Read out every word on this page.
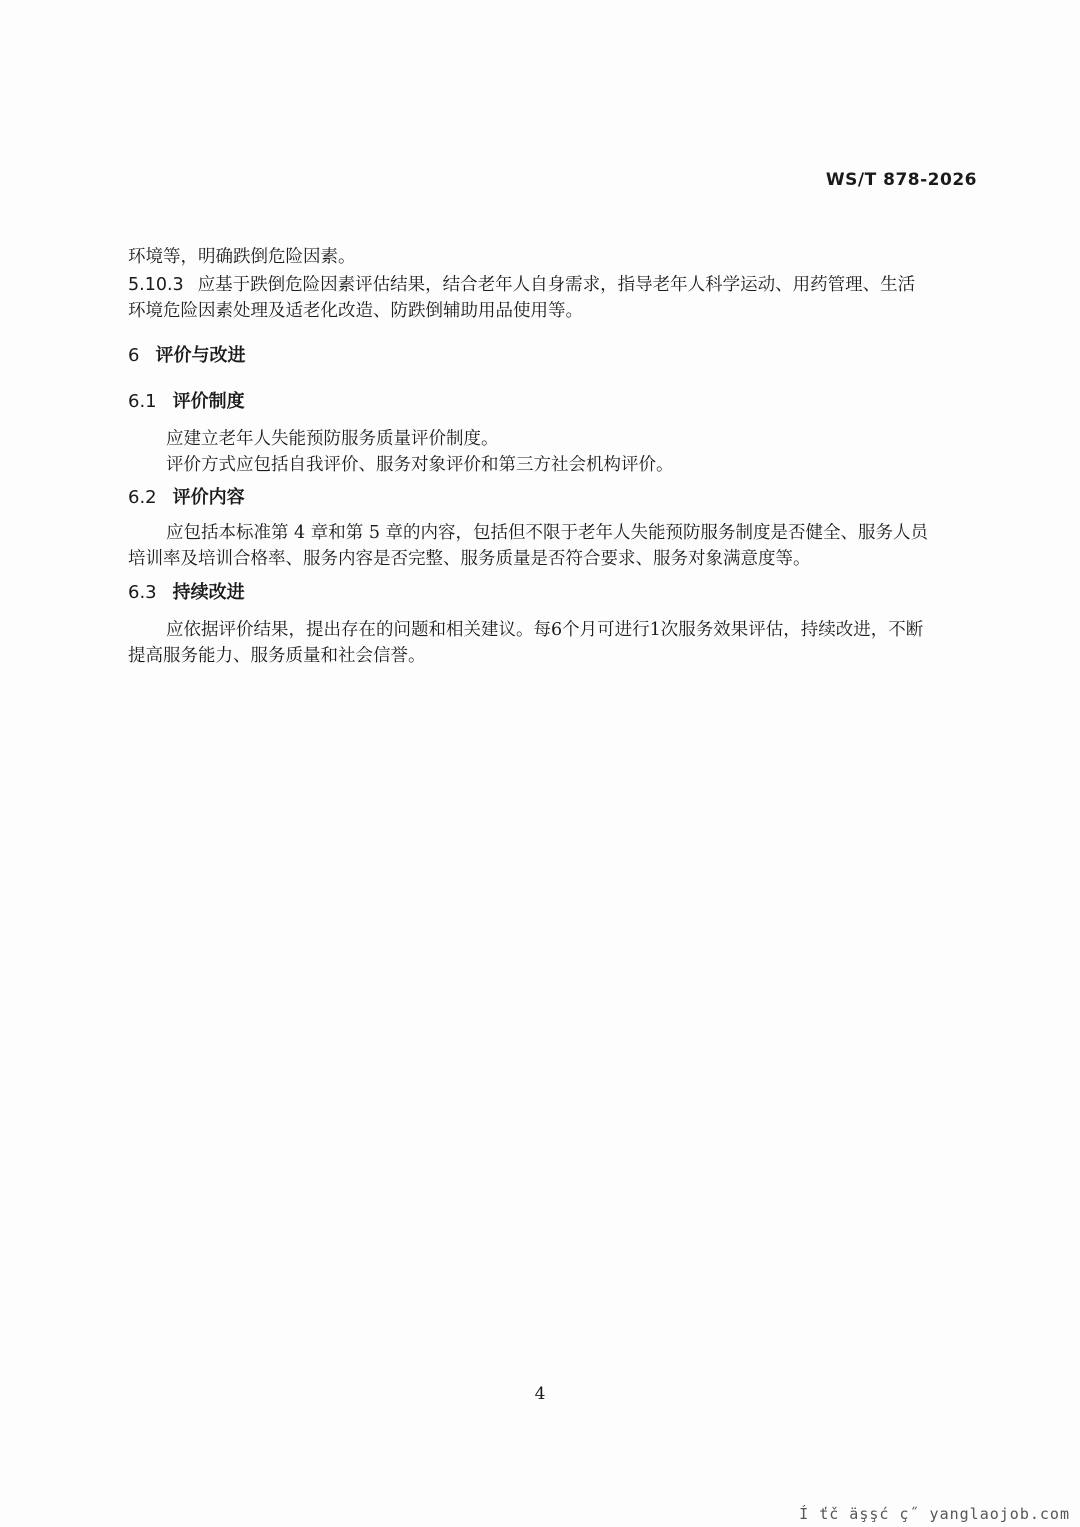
WS/T 878-2026
环境等，明确跌倒危险因素。
5.10.3 应基于跌倒危险因素评估结果，结合老年人自身需求，指导老年人科学运动、用药管理、生活
环境危险因素处理及适老化改造、防跌倒辅助用品使用等。
6 评价与改进
6.1 评价制度
应建立老年人失能预防服务质量评价制度。
评价方式应包括自我评价、服务对象评价和第三方社会机构评价。
6.2 评价内容
应包括本标准第 4 章和第 5 章的内容，包括但不限于老年人失能预防服务制度是否健全、服务人员
培训率及培训合格率、服务内容是否完整、服务质量是否符合要求、服务对象满意度等。
6.3 持续改进
应依据评价结果，提出存在的问题和相关建议。每6个月可进行1次服务效果评估，持续改进，不断
提高服务能力、服务质量和社会信誉。
4
Í ťč äşşć ç˝ yanglaojob.com
